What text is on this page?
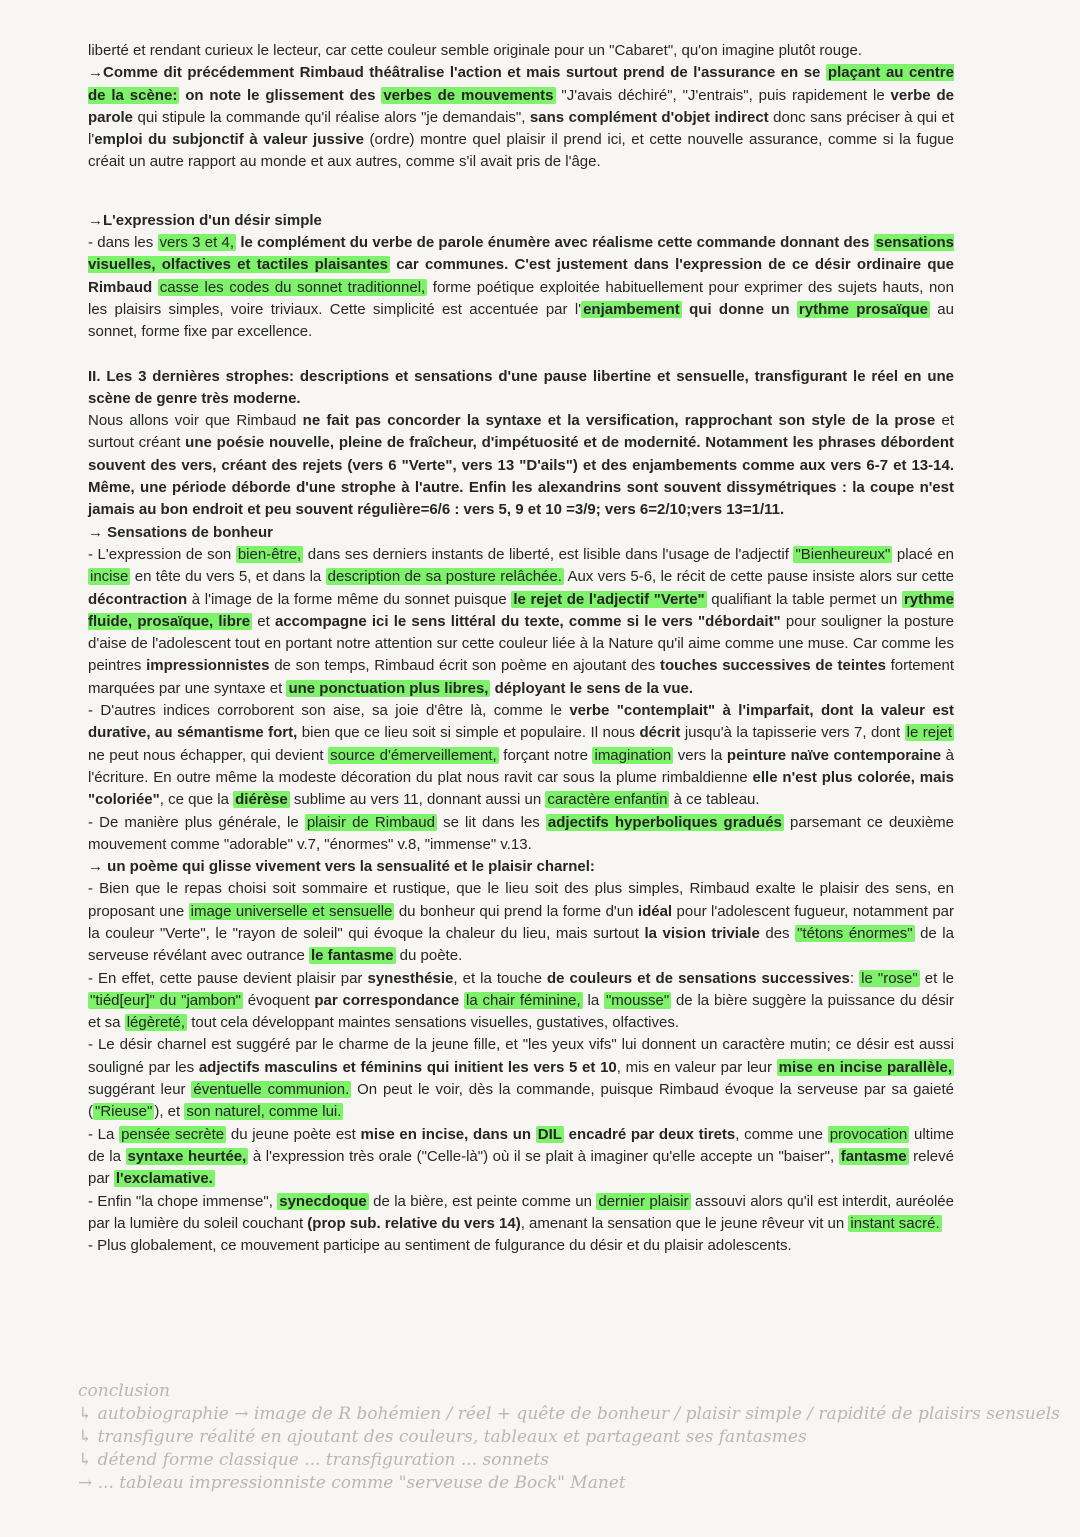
liberté et rendant curieux le lecteur, car cette couleur semble originale pour un "Cabaret", qu'on imagine plutôt rouge.
→Comme dit précédemment Rimbaud théâtralise l'action et mais surtout prend de l'assurance en se plaçant au centre de la scène: on note le glissement des verbes de mouvements "J'avais déchiré", "J'entrais", puis rapidement le verbe de parole qui stipule la commande qu'il réalise alors "je demandais", sans complément d'objet indirect donc sans préciser à qui et l'emploi du subjonctif à valeur jussive (ordre) montre quel plaisir il prend ici, et cette nouvelle assurance, comme si la fugue créait un autre rapport au monde et aux autres, comme s'il avait pris de l'âge.

→L'expression d'un désir simple
- dans les vers 3 et 4, le complément du verbe de parole énumère avec réalisme cette commande donnant des sensations visuelles, olfactives et tactiles plaisantes car communes. C'est justement dans l'expression de ce désir ordinaire que Rimbaud casse les codes du sonnet traditionnel, forme poétique exploitée habituellement pour exprimer des sujets hauts, non les plaisirs simples, voire triviaux. Cette simplicité est accentuée par l' enjambement qui donne un rythme prosaïque au sonnet, forme fixe par excellence.

II. Les 3 dernières strophes: descriptions et sensations d'une pause libertine et sensuelle, transfigurant le réel en une scène de genre très moderne.
Nous allons voir que Rimbaud ne fait pas concorder la syntaxe et la versification, rapprochant son style de la prose et surtout créant une poésie nouvelle, pleine de fraîcheur, d'impétuosité et de modernité. Notamment les phrases débordent souvent des vers, créant des rejets (vers 6 "Verte", vers 13 "D'ails") et des enjambements comme aux vers 6-7 et 13-14. Même, une période déborde d'une strophe à l'autre. Enfin les alexandrins sont souvent dissymétriques : la coupe n'est jamais au bon endroit et peu souvent régulière=6/6 : vers 5, 9 et 10 =3/9; vers 6=2/10;vers 13=1/11.
→ Sensations de bonheur
- L'expression de son bien-être, dans ses derniers instants de liberté, est lisible dans l'usage de l'adjectif "Bienheureux" placé en incise en tête du vers 5, et dans la description de sa posture relâchée. Aux vers 5-6, le récit de cette pause insiste alors sur cette décontraction à l'image de la forme même du sonnet puisque le rejet de l'adjectif "Verte" qualifiant la table permet un rythme fluide, prosaïque, libre et accompagne ici le sens littéral du texte, comme si le vers "débordait" pour souligner la posture d'aise de l'adolescent tout en portant notre attention sur cette couleur liée à la Nature qu'il aime comme une muse. Car comme les peintres impressionnistes de son temps, Rimbaud écrit son poème en ajoutant des touches successives de teintes fortement marquées par une syntaxe et une ponctuation plus libres, déployant le sens de la vue.
- D'autres indices corroborent son aise, sa joie d'être là, comme le verbe "contemplait" à l'imparfait, dont la valeur est durative, au sémantisme fort, bien que ce lieu soit si simple et populaire. Il nous décrit jusqu'à la tapisserie vers 7, dont le rejet ne peut nous échapper, qui devient source d'émerveillement, forçant notre imagination vers la peinture naïve contemporaine à l'écriture. En outre même la modeste décoration du plat nous ravit car sous la plume rimbaldienne elle n'est plus colorée, mais "coloriée", ce que la diérèse sublime au vers 11, donnant aussi un caractère enfantin à ce tableau.
- De manière plus générale, le plaisir de Rimbaud se lit dans les adjectifs hyperboliques gradués parsemant ce deuxième mouvement comme "adorable" v.7, "énormes" v.8, "immense" v.13.
→ un poème qui glisse vivement vers la sensualité et le plaisir charnel:
- Bien que le repas choisi soit sommaire et rustique, que le lieu soit des plus simples, Rimbaud exalte le plaisir des sens, en proposant une image universelle et sensuelle du bonheur qui prend la forme d'un idéal pour l'adolescent fugueur, notamment par la couleur "Verte", le "rayon de soleil" qui évoque la chaleur du lieu, mais surtout la vision triviale des "tétons énormes" de la serveuse révélant avec outrance le fantasme du poète.
- En effet, cette pause devient plaisir par synesthésie, et la touche de couleurs et de sensations successives: le "rose" et le "tiéd[eur]" du "jambon" évoquent par correspondance la chair féminine, la "mousse" de la bière suggère la puissance du désir et sa légèreté, tout cela développant maintes sensations visuelles, gustatives, olfactives.
- Le désir charnel est suggéré par le charme de la jeune fille, et "les yeux vifs" lui donnent un caractère mutin; ce désir est aussi souligné par les adjectifs masculins et féminins qui initient les vers 5 et 10, mis en valeur par leur mise en incise parallèle, suggérant leur éventuelle communion. On peut le voir, dès la commande, puisque Rimbaud évoque la serveuse par sa gaieté ( "Rieuse" ), et son naturel, comme lui.
- La pensée secrète du jeune poète est mise en incise, dans un DIL encadré par deux tirets, comme une provocation ultime de la syntaxe heurtée, à l'expression très orale ("Celle-là") où il se plait à imaginer qu'elle accepte un "baiser", fantasme relevé par l'exclamative.
- Enfin "la chope immense", synecdoque de la bière, est peinte comme un dernier plaisir assouvi alors qu'il est interdit, auréolée par la lumière du soleil couchant (prop sub. relative du vers 14), amenant la sensation que le jeune rêveur vit un instant sacré.
- Plus globalement, ce mouvement participe au sentiment de fulgurance du désir et du plaisir adolescents.

conclusion
↳ autobiographie → image de R bohémien / réel + quête de bonheur / plaisir simple / rapidité de plaisirs sensuels
↳ transfigure réalité en ajoutant des couleurs, tableaux et partageant ses fantasmes
↳ détend forme classique ... transfiguration ... sonnets
→ ... tableau impressionniste comme "serveuse de Bock" Manet
